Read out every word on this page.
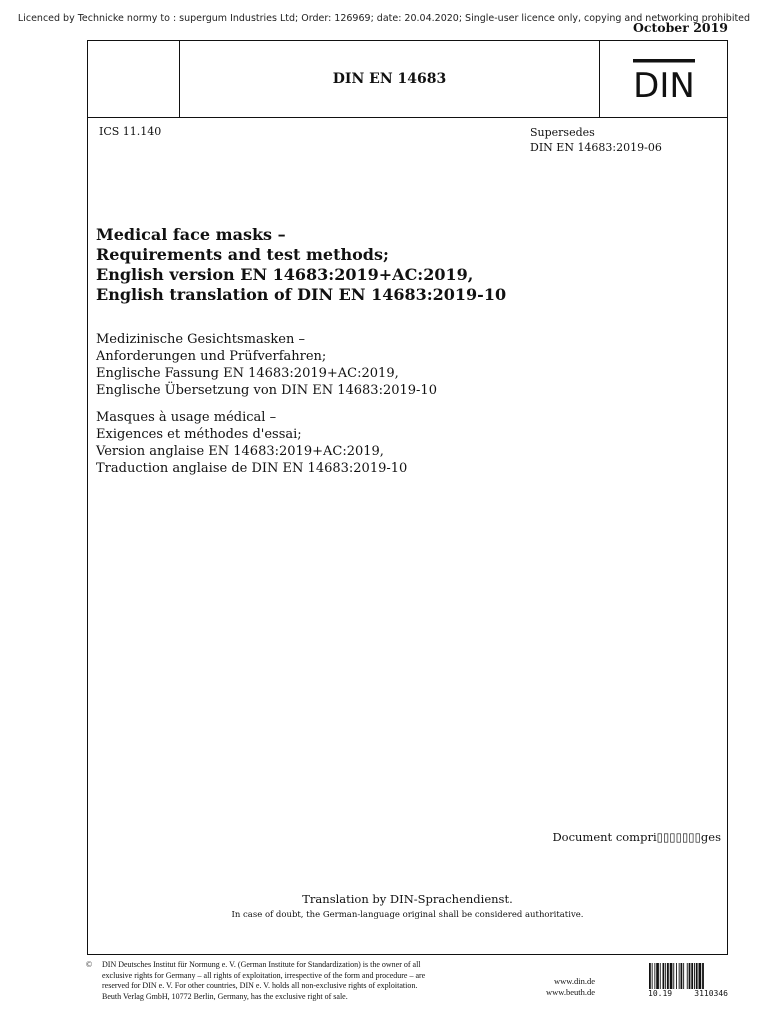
Licenced by Technicke normy to : supergum Industries Ltd; Order: 126969; date: 20.04.2020; Single-user licence only, copying and networking prohibited
October 2019
DIN EN 14683	DIN
ICS 11.140	Supersedes
DIN EN 14683:2019-06
Medical face masks –
Requirements and test methods;
English version EN 14683:2019+AC:2019,
English translation of DIN EN 14683:2019-10
Medizinische Gesichtsmasken –
Anforderungen und Prüfverfahren;
Englische Fassung EN 14683:2019+AC:2019,
Englische Übersetzung von DIN EN 14683:2019-10
Masques à usage médical –
Exigences et méthodes d'essai;
Version anglaise EN 14683:2019+AC:2019,
Traduction anglaise de DIN EN 14683:2019-10
Document compri▯▯▯▯▯▯▯ges
Translation by DIN-Sprachendienst.
In case of doubt, the German-language original shall be considered authoritative.
© DIN Deutsches Institut für Normung e. V. (German Institute for Standardization) is the owner of all
exclusive rights for Germany – all rights of exploitation, irrespective of the form and procedure – are
reserved for DIN e. V. For other countries, DIN e. V. holds all non-exclusive rights of exploitation.
Beuth Verlag GmbH, 10772 Berlin, Germany, has the exclusive right of sale.
www.din.de
www.beuth.de	10.19	3110346
